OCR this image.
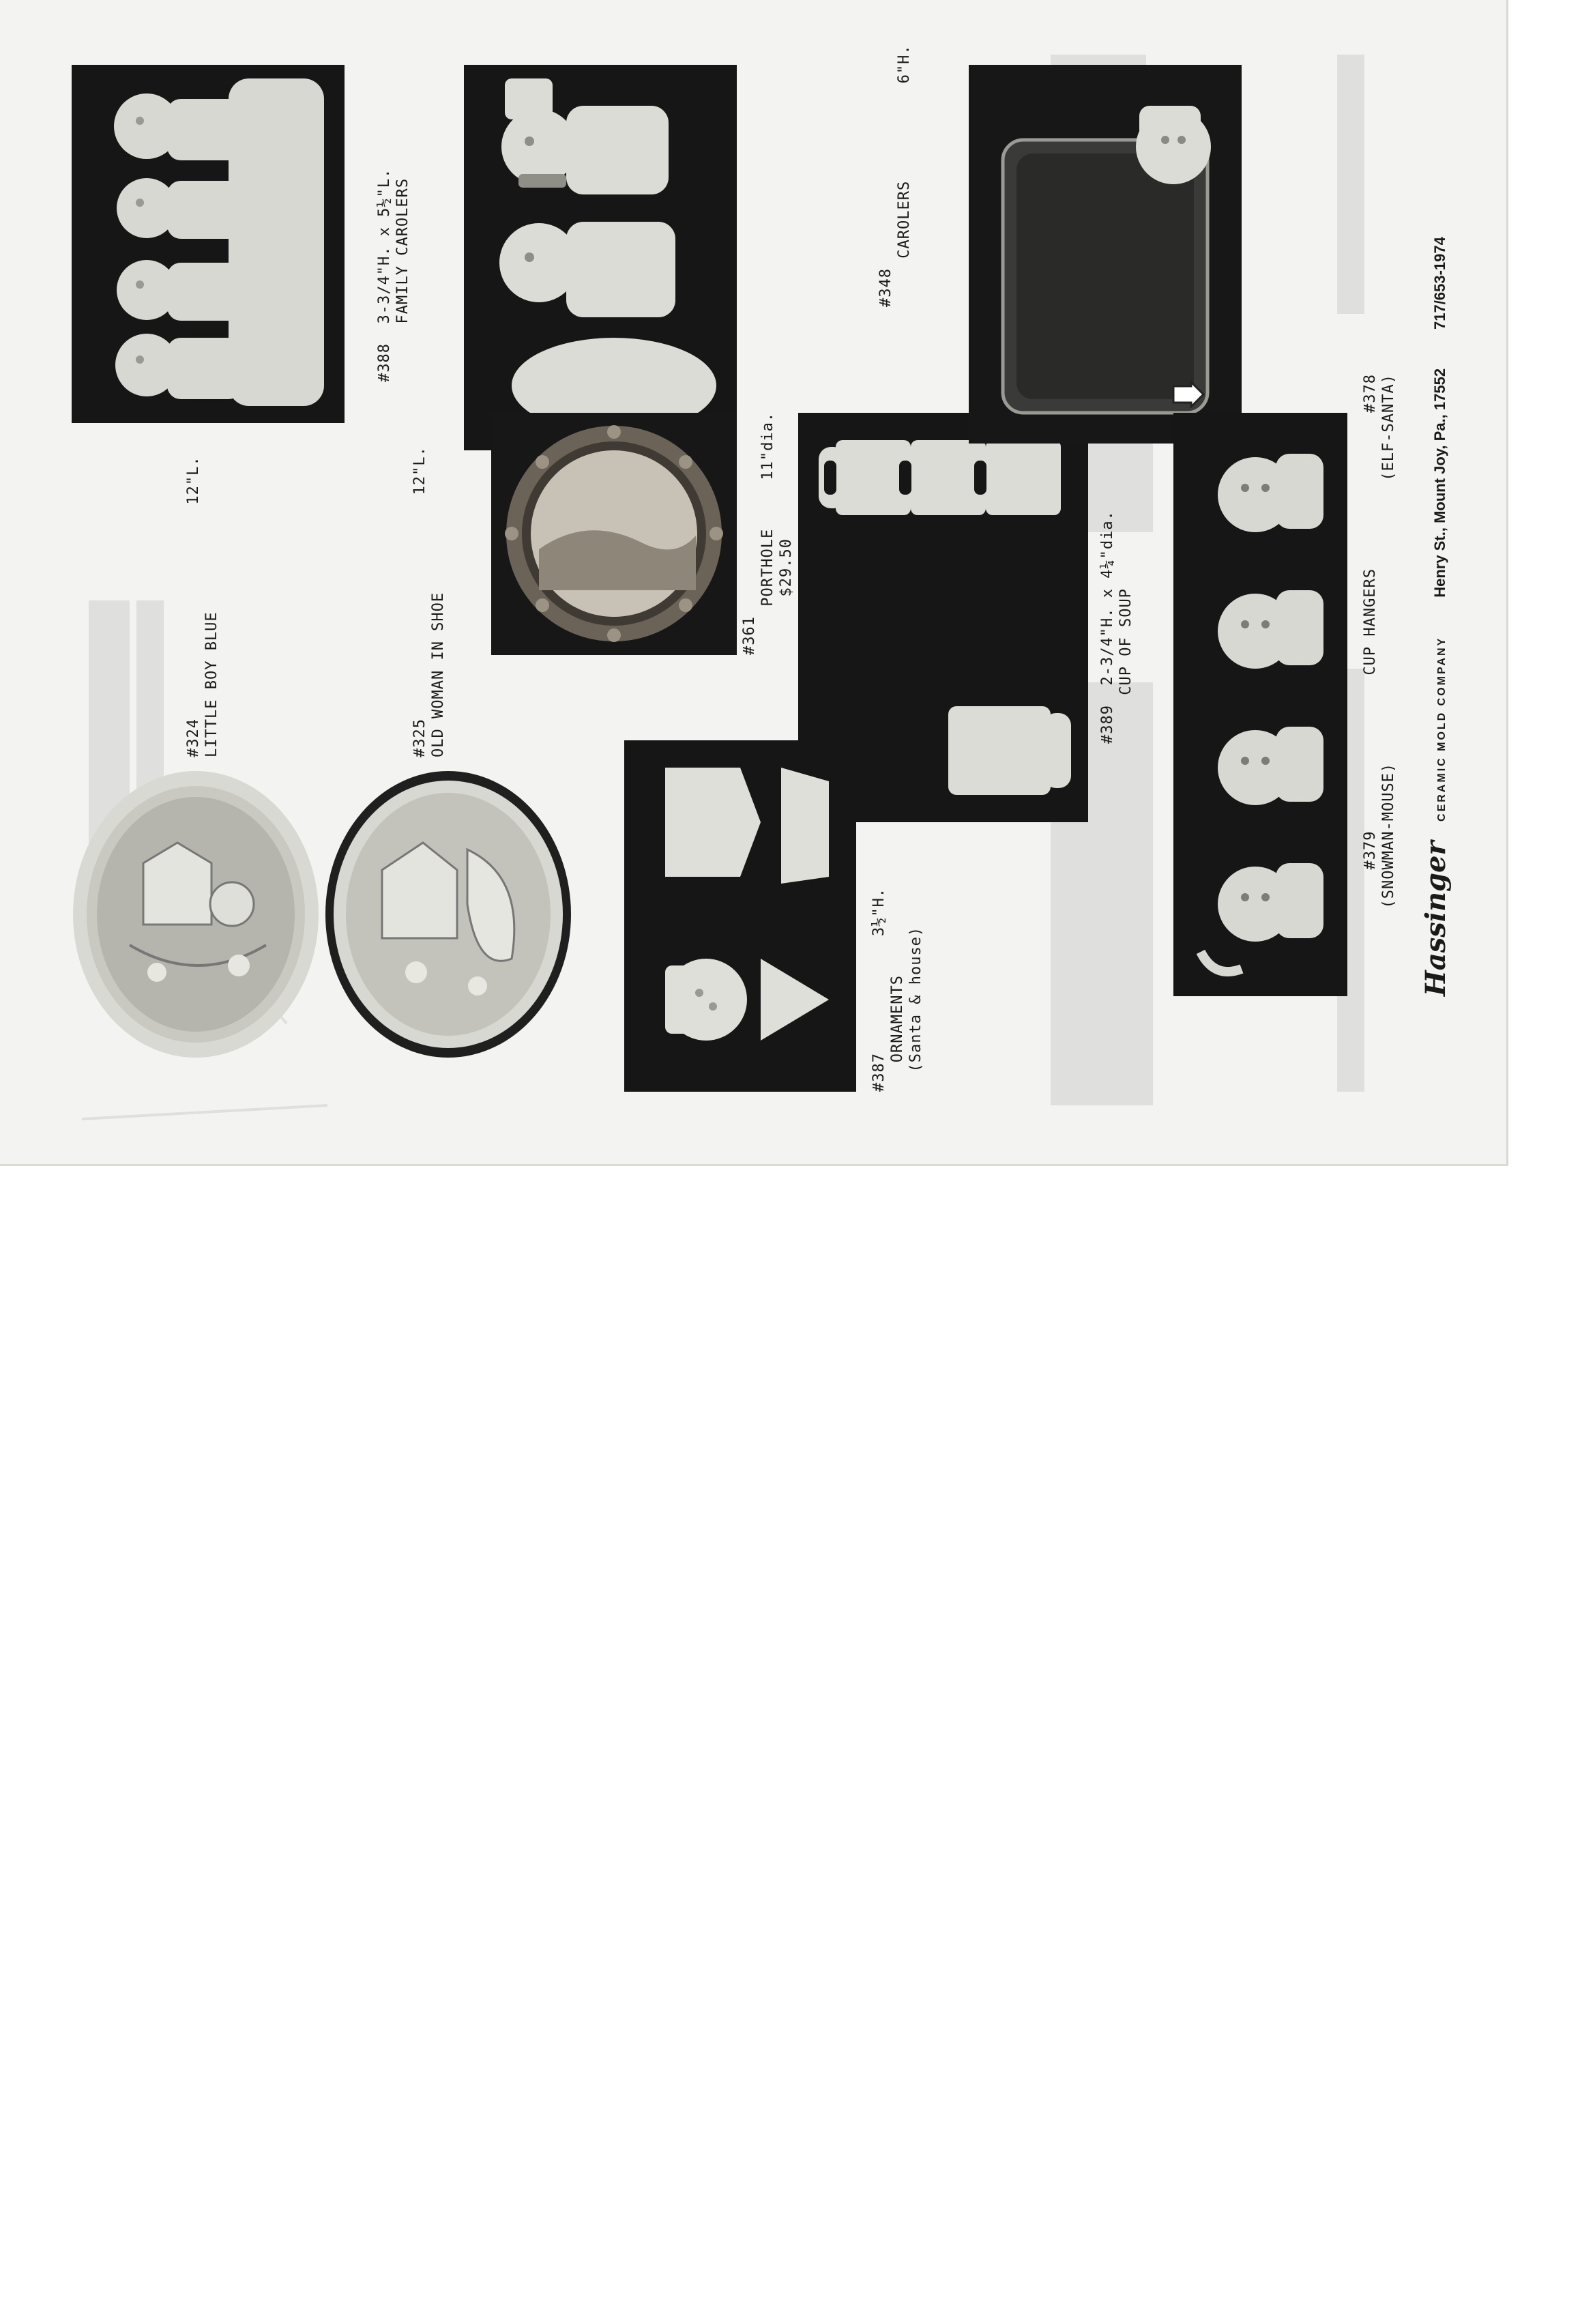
#324                      12"L.
LITTLE BOY BLUE	#325                       12"L.
OLD WOMAN IN SHOE
#388  3-3/4"H. x 5½"L. FAMILY CAROLERS	#348
CAROLERS          6"H.
#361
PORTHOLE     11"dia.
$29.50
#389  2-3/4"H. x 4¼"dia. CUP OF SOUP
#387            3½"H.
ORNAMENTS (Santa & house)
#379                CUP HANGERS                #378
(SNOWMAN-MOUSE)                             (ELF-SANTA)
Hassinger  CERAMIC MOLD COMPANY    Henry St., Mount Joy, Pa., 17552    717/653-1974
